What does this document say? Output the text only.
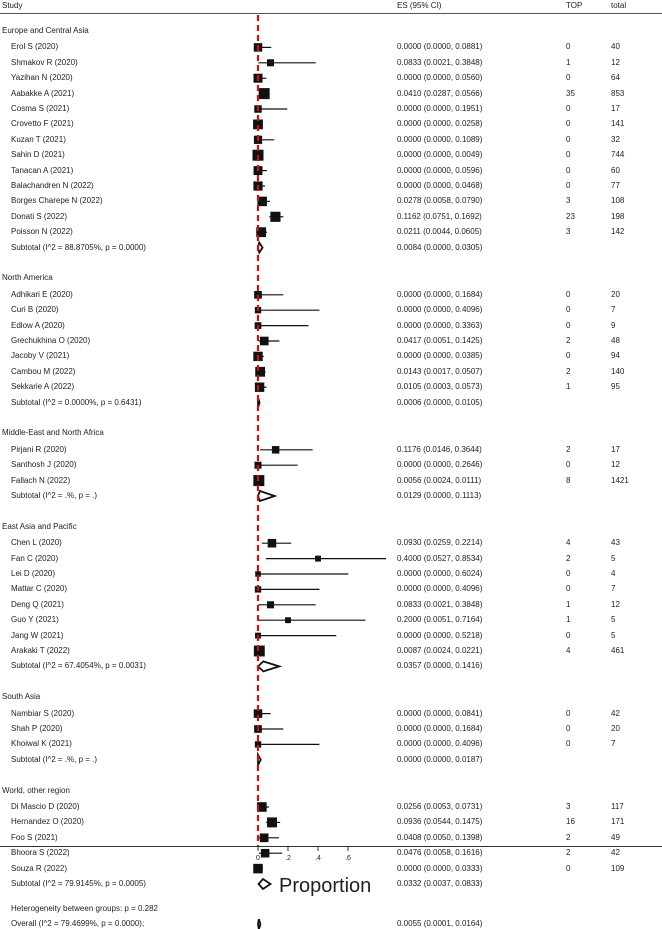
Study	ES (95% CI)	TOP	total
0	.2	.4	.6
Proportion
Europe and Central Asia
Erol S (2020)	0.0000 (0.0000, 0.0881)	0	40
Shmakov R (2020)	0.0833 (0.0021, 0.3848)	1	12
Yazihan N (2020)	0.0000 (0.0000, 0.0560)	0	64
Aabakke A (2021)	0.0410 (0.0287, 0.0566)	35	853
Cosma S (2021)	0.0000 (0.0000, 0.1951)	0	17
Crovetto F (2021)	0.0000 (0.0000, 0.0258)	0	141
Kuzan T (2021)	0.0000 (0.0000, 0.1089)	0	32
Sahin D (2021)	0.0000 (0.0000, 0.0049)	0	744
Tanacan A (2021)	0.0000 (0.0000, 0.0596)	0	60
Balachandren N (2022)	0.0000 (0.0000, 0.0468)	0	77
Borges Charepe N (2022)	0.0278 (0.0058, 0.0790)	3	108
Donati S (2022)	0.1162 (0.0751, 0.1692)	23	198
Poisson N (2022)	0.0211 (0.0044, 0.0605)	3	142
Subtotal (I^2 = 88.8705%, p = 0.0000)	0.0084 (0.0000, 0.0305)
North America
Adhikari E (2020)	0.0000 (0.0000, 0.1684)	0	20
Curi B (2020)	0.0000 (0.0000, 0.4096)	0	7
Edlow A (2020)	0.0000 (0.0000, 0.3363)	0	9
Grechukhina O (2020)	0.0417 (0.0051, 0.1425)	2	48
Jacoby V (2021)	0.0000 (0.0000, 0.0385)	0	94
Cambou M (2022)	0.0143 (0.0017, 0.0507)	2	140
Sekkarie A (2022)	0.0105 (0.0003, 0.0573)	1	95
Subtotal (I^2 = 0.0000%, p = 0.6431)	0.0006 (0.0000, 0.0105)
Middle-East and North Africa
Pirjani R (2020)	0.1176 (0.0146, 0.3644)	2	17
Santhosh J (2020)	0.0000 (0.0000, 0.2646)	0	12
Fallach N (2022)	0.0056 (0.0024, 0.0111)	8	1421
Subtotal (I^2 = .%, p = .)	0.0129 (0.0000, 0.1113)
East Asia and Pacific
Chen L (2020)	0.0930 (0.0259, 0.2214)	4	43
Fan C (2020)	0.4000 (0.0527, 0.8534)	2	5
Lei D (2020)	0.0000 (0.0000, 0.6024)	0	4
Mattar C (2020)	0.0000 (0.0000, 0.4096)	0	7
Deng Q (2021)	0.0833 (0.0021, 0.3848)	1	12
Guo Y (2021)	0.2000 (0.0051, 0.7164)	1	5
Jang W (2021)	0.0000 (0.0000, 0.5218)	0	5
Arakaki T (2022)	0.0087 (0.0024, 0.0221)	4	461
Subtotal (I^2 = 67.4054%, p = 0.0031)	0.0357 (0.0000, 0.1416)
South Asia
Nambiar S (2020)	0.0000 (0.0000, 0.0841)	0	42
Shah P (2020)	0.0000 (0.0000, 0.1684)	0	20
Khoiwal K (2021)	0.0000 (0.0000, 0.4096)	0	7
Subtotal (I^2 = .%, p = .)	0.0000 (0.0000, 0.0187)
World, other region
Di Mascio D (2020)	0.0256 (0.0053, 0.0731)	3	117
Hernandez O (2020)	0.0936 (0.0544, 0.1475)	16	171
Foo S (2021)	0.0408 (0.0050, 0.1398)	2	49
Bhoora S (2022)	0.0476 (0.0058, 0.1616)	2	42
Souza R (2022)	0.0000 (0.0000, 0.0333)	0	109
Subtotal (I^2 = 79.9145%, p = 0.0005)	0.0332 (0.0037, 0.0833)
Heterogeneity between groups: p = 0.282
Overall (I^2 = 79.4699%, p = 0.0000);	0.0055 (0.0001, 0.0164)
